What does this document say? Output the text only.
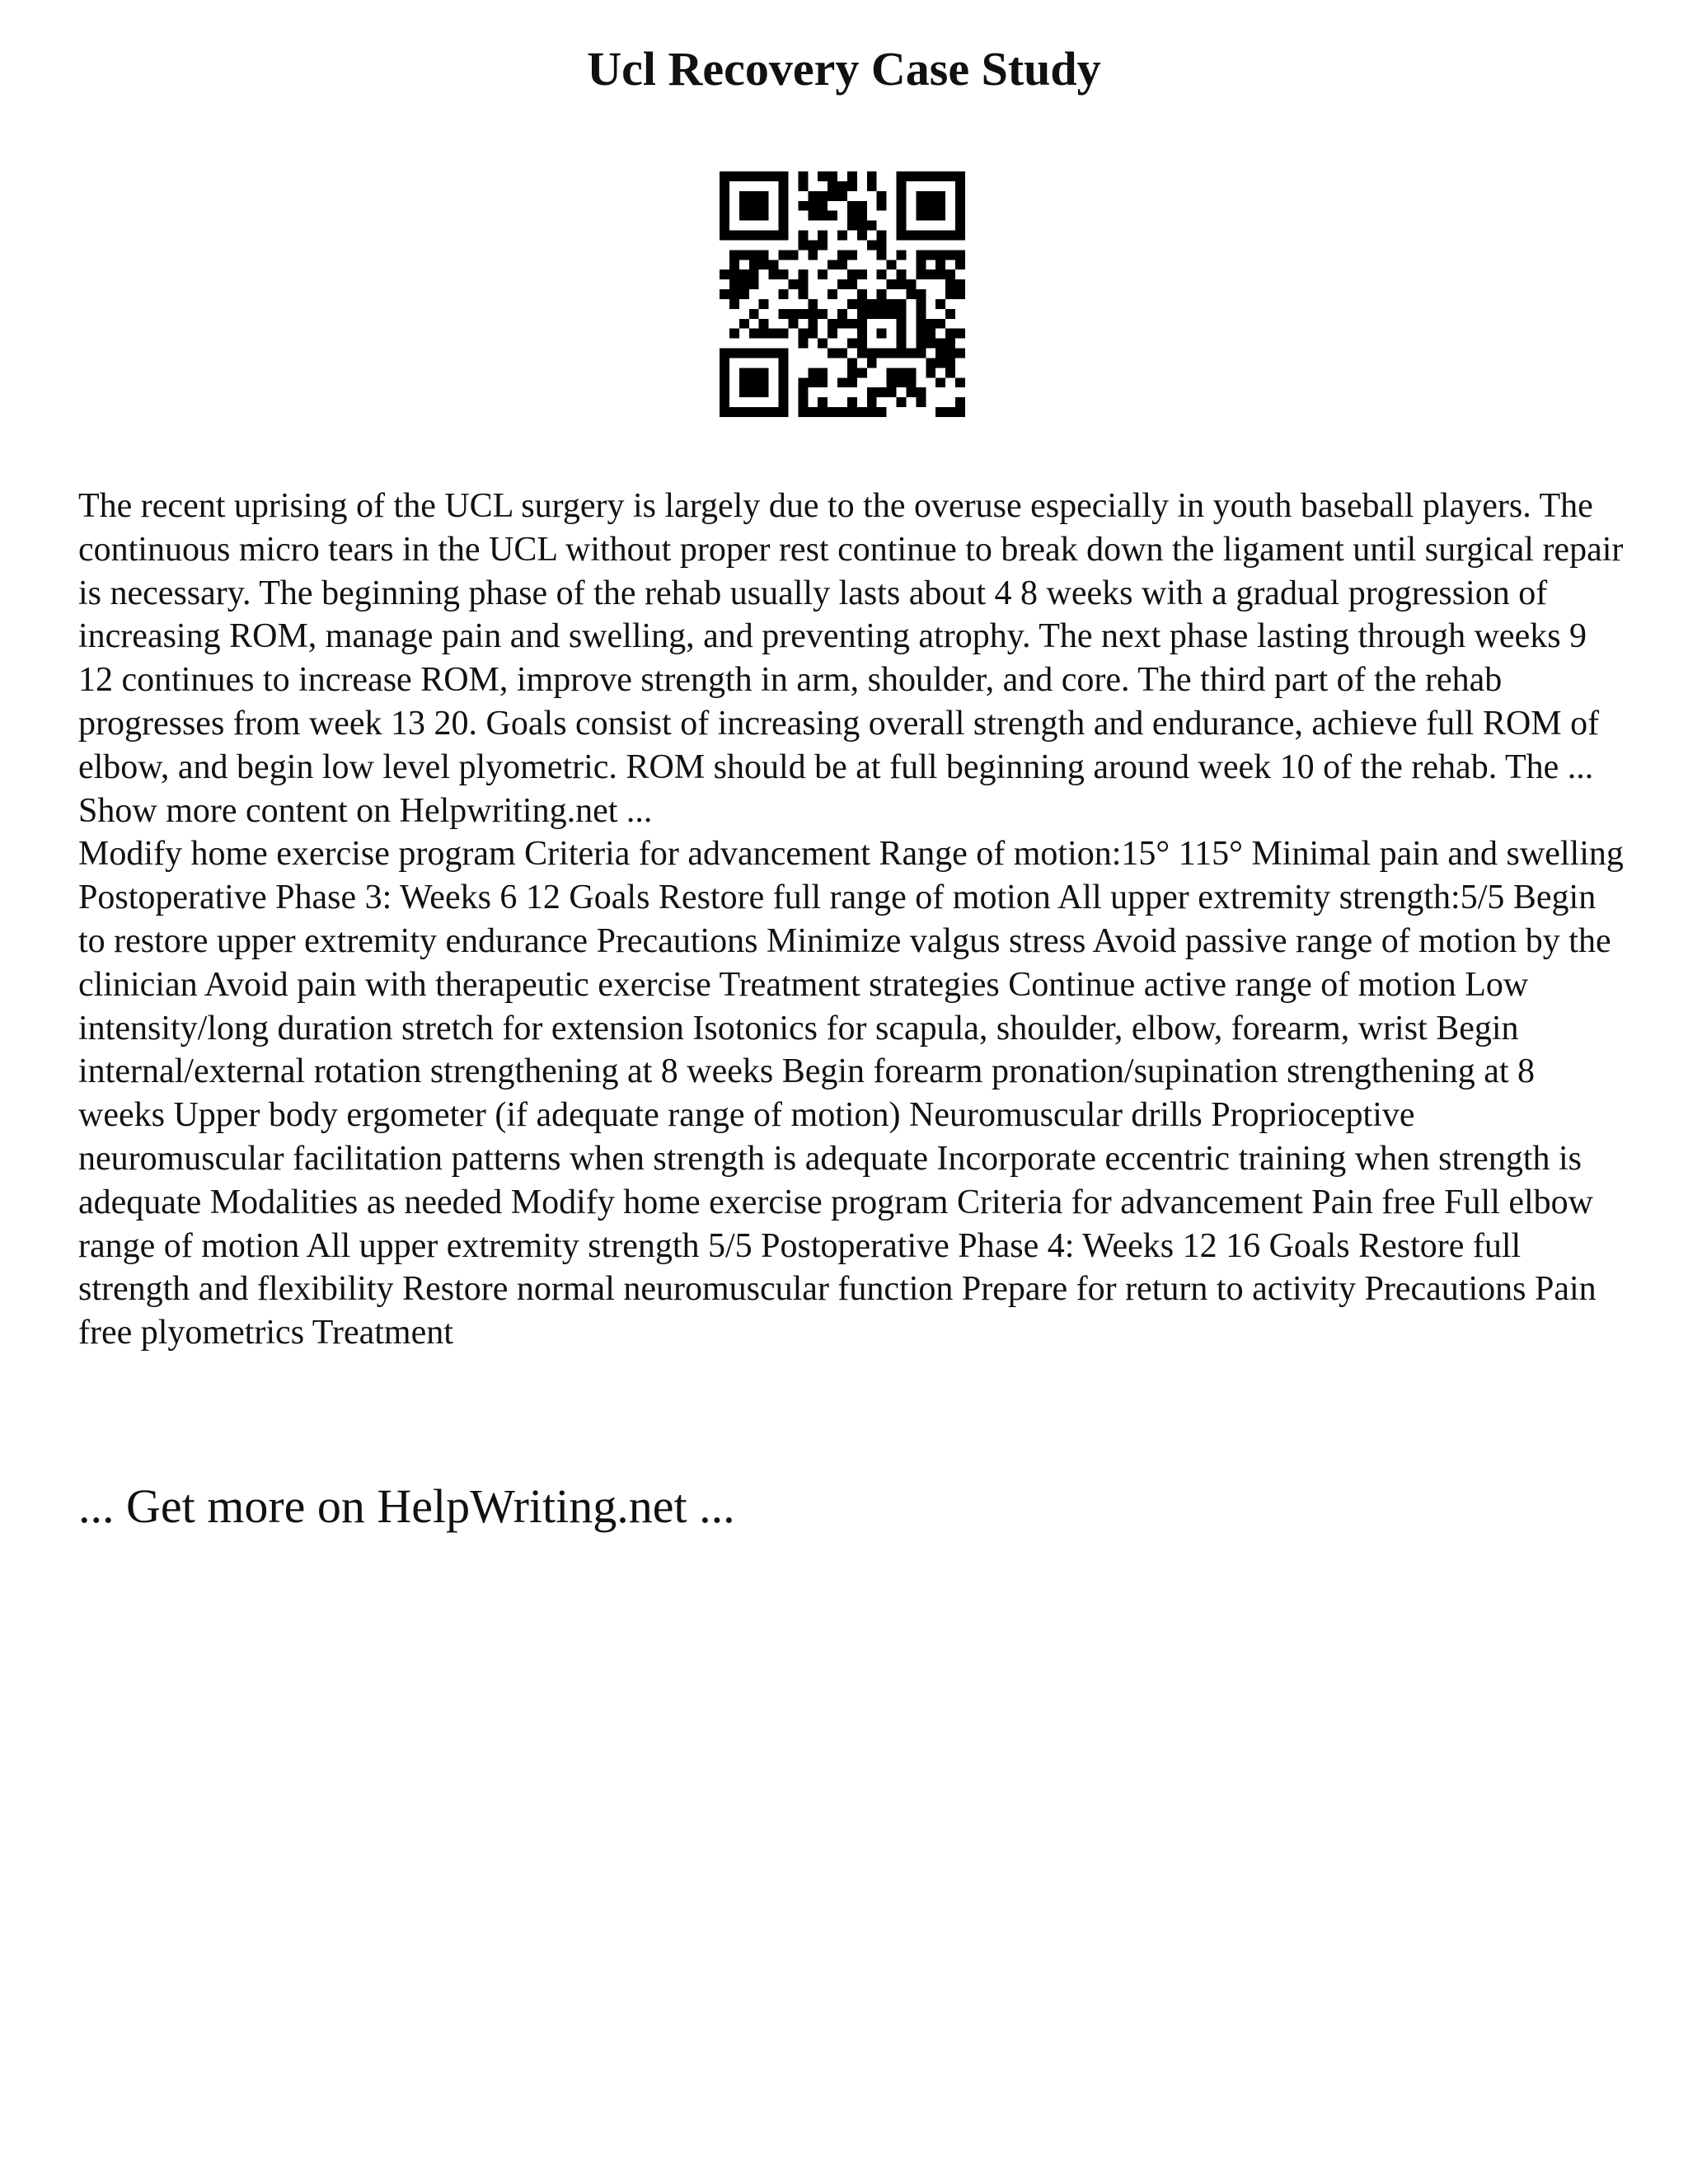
Ucl Recovery Case Study

The recent uprising of the UCL surgery is largely due to the overuse especially in youth baseball players. The continuous micro tears in the UCL without proper rest continue to break down the ligament until surgical repair is necessary. The beginning phase of the rehab usually lasts about 4 8 weeks with a gradual progression of increasing ROM, manage pain and swelling, and preventing atrophy. The next phase lasting through weeks 9 12 continues to increase ROM, improve strength in arm, shoulder, and core. The third part of the rehab progresses from week 13 20. Goals consist of increasing overall strength and endurance, achieve full ROM of elbow, and begin low level plyometric. ROM should be at full beginning around week 10 of the rehab. The ... Show more content on Helpwriting.net ...

Modify home exercise program Criteria for advancement Range of motion:15° 115° Minimal pain and swelling Postoperative Phase 3: Weeks 6 12 Goals Restore full range of motion All upper extremity strength:5/5 Begin to restore upper extremity endurance Precautions Minimize valgus stress Avoid passive range of motion by the clinician Avoid pain with therapeutic exercise Treatment strategies Continue active range of motion Low intensity/long duration stretch for extension Isotonics for scapula, shoulder, elbow, forearm, wrist Begin internal/external rotation strengthening at 8 weeks Begin forearm pronation/supination strengthening at 8 weeks Upper body ergometer (if adequate range of motion) Neuromuscular drills Proprioceptive neuromuscular facilitation patterns when strength is adequate Incorporate eccentric training when strength is adequate Modalities as needed Modify home exercise program Criteria for advancement Pain free Full elbow range of motion All upper extremity strength 5/5 Postoperative Phase 4: Weeks 12 16 Goals Restore full strength and flexibility Restore normal neuromuscular function Prepare for return to activity Precautions Pain free plyometrics Treatment

... Get more on HelpWriting.net ...
